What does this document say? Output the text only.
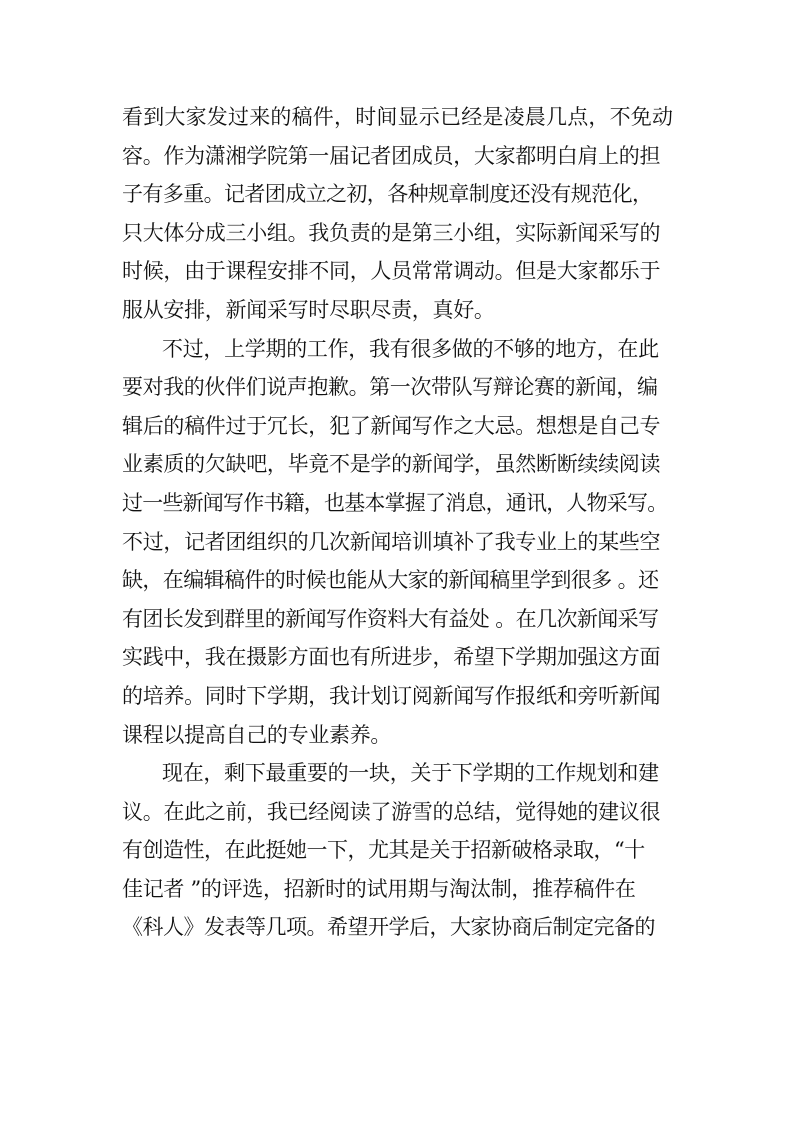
看到大家发过来的稿件，时间显示已经是凌晨几点，不免动
容。作为潇湘学院第一届记者团成员，大家都明白肩上的担
子有多重。记者团成立之初，各种规章制度还没有规范化，
只大体分成三小组。我负责的是第三小组，实际新闻采写的
时候，由于课程安排不同，人员常常调动。但是大家都乐于
服从安排，新闻采写时尽职尽责，真好。
不过，上学期的工作，我有很多做的不够的地方，在此
要对我的伙伴们说声抱歉。第一次带队写辩论赛的新闻，编
辑后的稿件过于冗长，犯了新闻写作之大忌。想想是自己专
业素质的欠缺吧，毕竟不是学的新闻学，虽然断断续续阅读
过一些新闻写作书籍，也基本掌握了消息，通讯，人物采写。
不过，记者团组织的几次新闻培训填补了我专业上的某些空
缺，在编辑稿件的时候也能从大家的新闻稿里学到很多 。还
有团长发到群里的新闻写作资料大有益处 。在几次新闻采写
实践中，我在摄影方面也有所进步，希望下学期加强这方面
的培养。同时下学期，我计划订阅新闻写作报纸和旁听新闻
课程以提高自己的专业素养。
现在，剩下最重要的一块，关于下学期的工作规划和建
议。在此之前，我已经阅读了游雪的总结，觉得她的建议很
有创造性，在此挺她一下，尤其是关于招新破格录取，“十
佳记者 ”的评选，招新时的试用期与淘汰制，推荐稿件在
《科人》发表等几项。希望开学后，大家协商后制定完备的
